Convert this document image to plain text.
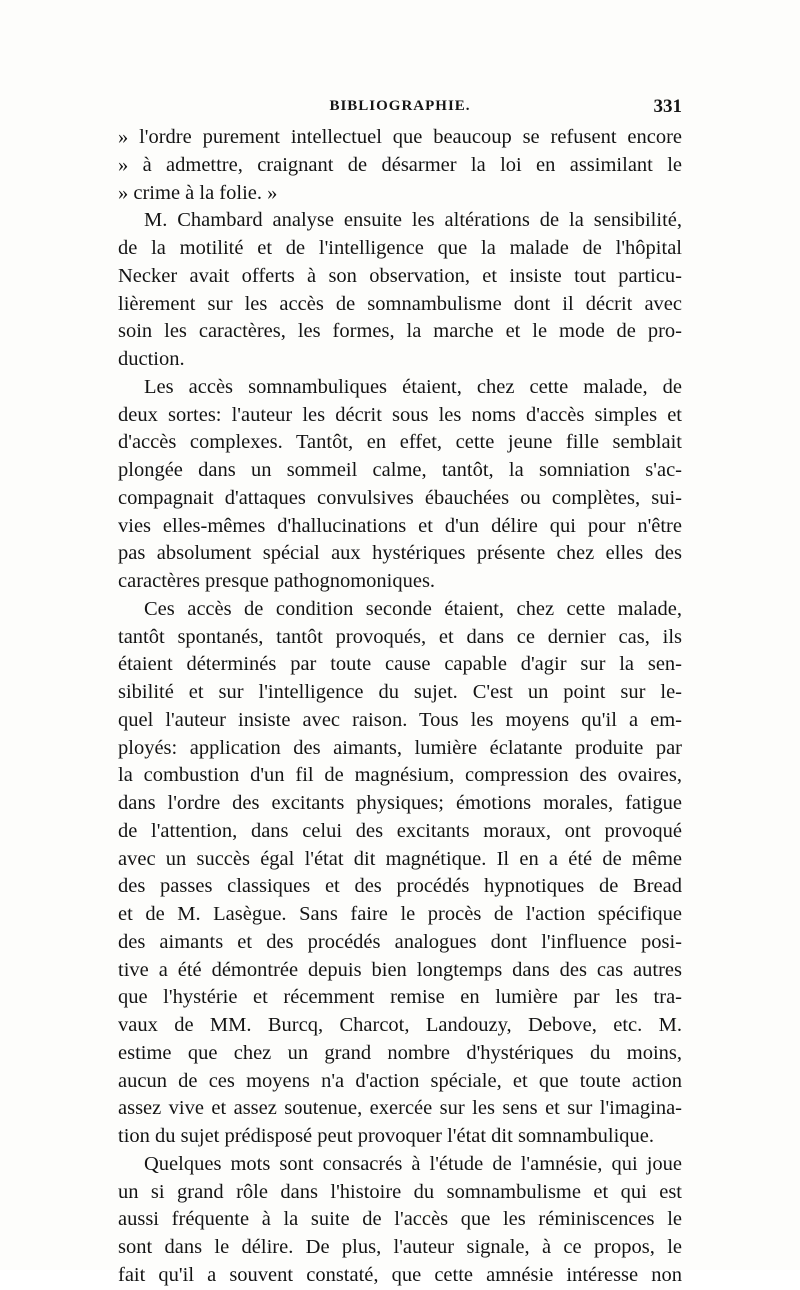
BIBLIOGRAPHIE.	331
» l'ordre purement intellectuel que beaucoup se refusent encore
» à admettre, craignant de désarmer la loi en assimilant le
» crime à la folie. »
M. Chambard analyse ensuite les altérations de la sensibilité,
de la motilité et de l'intelligence que la malade de l'hôpital
Necker avait offerts à son observation, et insiste tout particu-
lièrement sur les accès de somnambulisme dont il décrit avec
soin les caractères, les formes, la marche et le mode de pro-
duction.
Les accès somnambuliques étaient, chez cette malade, de
deux sortes: l'auteur les décrit sous les noms d'accès simples et
d'accès complexes. Tantôt, en effet, cette jeune fille semblait
plongée dans un sommeil calme, tantôt, la somniation s'ac-
compagnait d'attaques convulsives ébauchées ou complètes, sui-
vies elles-mêmes d'hallucinations et d'un délire qui pour n'être
pas absolument spécial aux hystériques présente chez elles des
caractères presque pathognomoniques.
Ces accès de condition seconde étaient, chez cette malade,
tantôt spontanés, tantôt provoqués, et dans ce dernier cas, ils
étaient déterminés par toute cause capable d'agir sur la sen-
sibilité et sur l'intelligence du sujet. C'est un point sur le-
quel l'auteur insiste avec raison. Tous les moyens qu'il a em-
ployés: application des aimants, lumière éclatante produite par
la combustion d'un fil de magnésium, compression des ovaires,
dans l'ordre des excitants physiques; émotions morales, fatigue
de l'attention, dans celui des excitants moraux, ont provoqué
avec un succès égal l'état dit magnétique. Il en a été de même
des passes classiques et des procédés hypnotiques de Bread
et de M. Lasègue. Sans faire le procès de l'action spécifique
des aimants et des procédés analogues dont l'influence posi-
tive a été démontrée depuis bien longtemps dans des cas autres
que l'hystérie et récemment remise en lumière par les tra-
vaux de MM. Burcq, Charcot, Landouzy, Debove, etc. M.
estime que chez un grand nombre d'hystériques du moins,
aucun de ces moyens n'a d'action spéciale, et que toute action
assez vive et assez soutenue, exercée sur les sens et sur l'imagina-
tion du sujet prédisposé peut provoquer l'état dit somnambulique.
Quelques mots sont consacrés à l'étude de l'amnésie, qui joue
un si grand rôle dans l'histoire du somnambulisme et qui est
aussi fréquente à la suite de l'accès que les réminiscences le
sont dans le délire. De plus, l'auteur signale, à ce propos, le
fait qu'il a souvent constaté, que cette amnésie intéresse non
